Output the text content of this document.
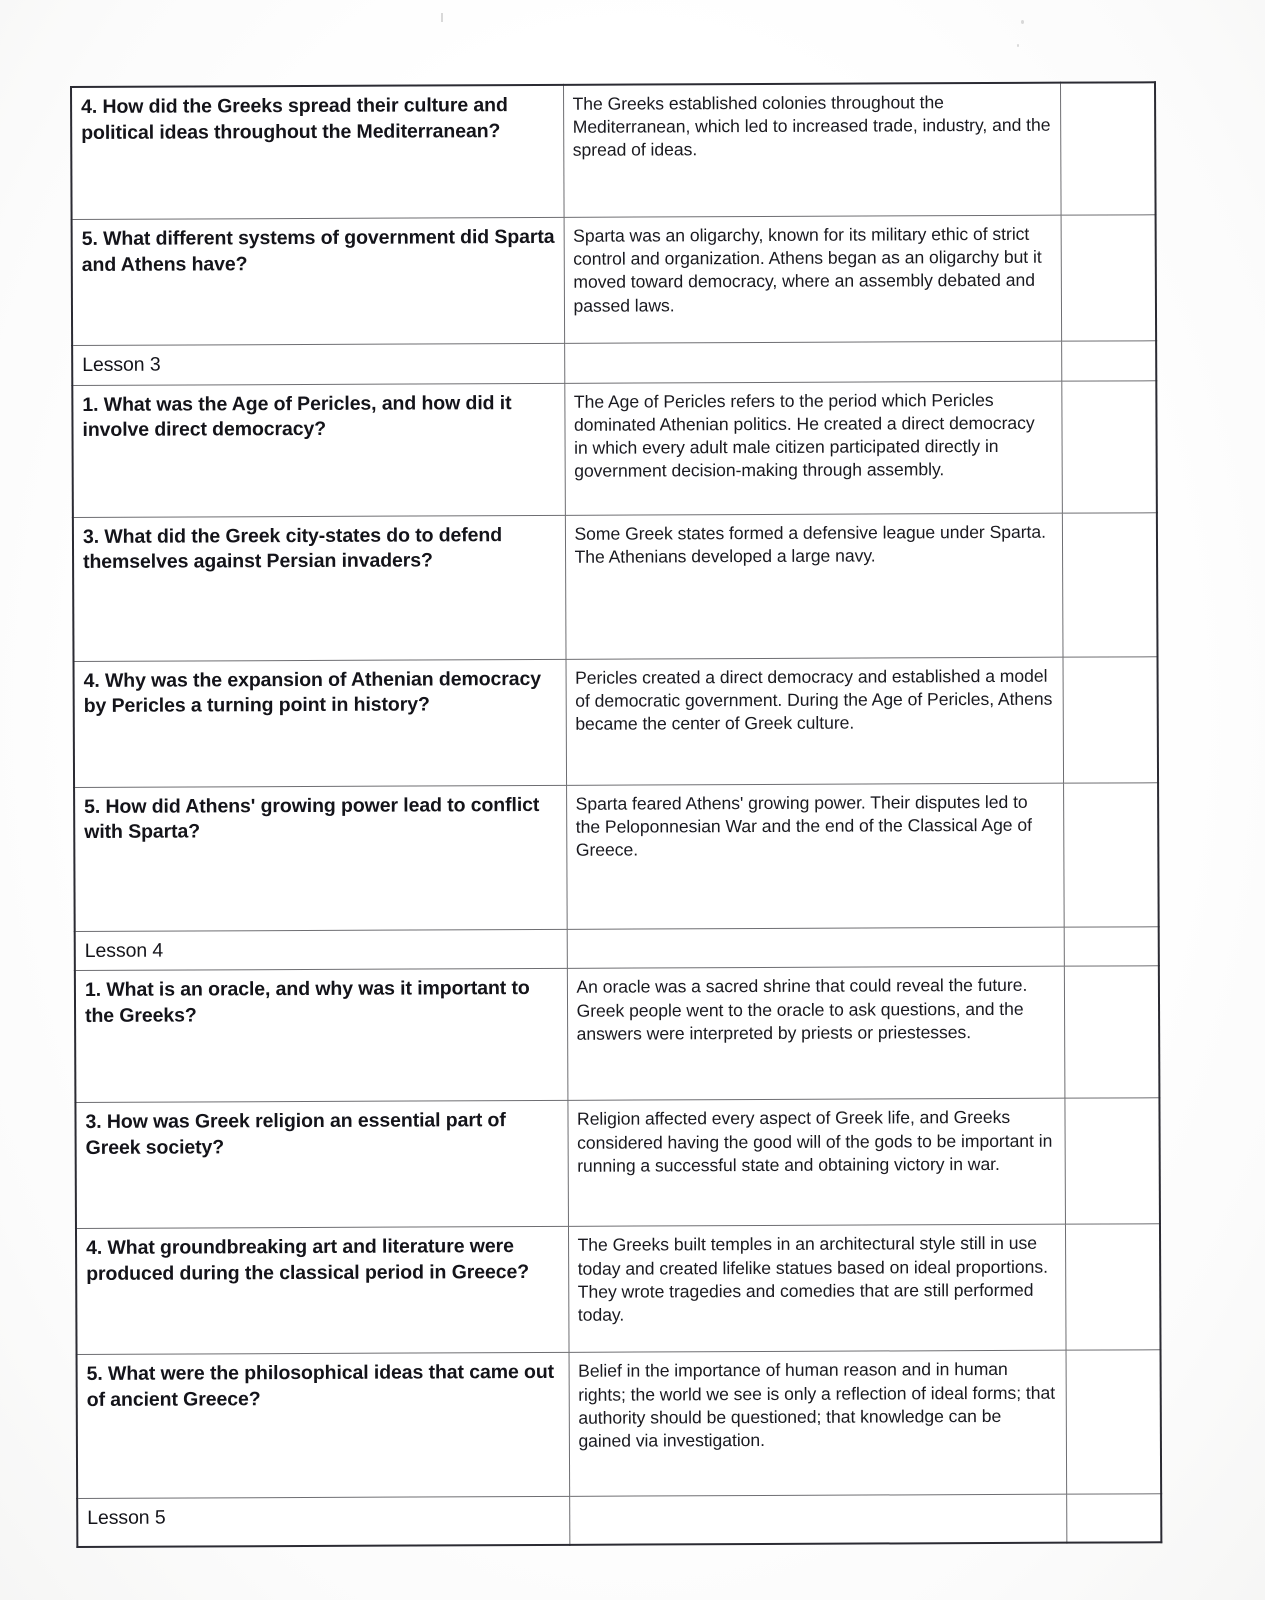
4. How did the Greeks spread their culture and political ideas throughout the Mediterranean?	The Greeks established colonies throughout the Mediterranean, which led to increased trade, industry, and the spread of ideas.	
5. What different systems of government did Sparta and Athens have?	Sparta was an oligarchy, known for its military ethic of strict control and organization. Athens began as an oligarchy but it moved toward democracy, where an assembly debated and passed laws.	
Lesson 3		
1. What was the Age of Pericles, and how did it involve direct democracy?	The Age of Pericles refers to the period which Pericles dominated Athenian politics. He created a direct democracy in which every adult male citizen participated directly in government decision-making through assembly.	
3. What did the Greek city-states do to defend themselves against Persian invaders?	Some Greek states formed a defensive league under Sparta. The Athenians developed a large navy.	
4. Why was the expansion of Athenian democracy by Pericles a turning point in history?	Pericles created a direct democracy and established a model of democratic government. During the Age of Pericles, Athens became the center of Greek culture.	
5. How did Athens' growing power lead to conflict with Sparta?	Sparta feared Athens' growing power. Their disputes led to the Peloponnesian War and the end of the Classical Age of Greece.	
Lesson 4		
1. What is an oracle, and why was it important to the Greeks?	An oracle was a sacred shrine that could reveal the future. Greek people went to the oracle to ask questions, and the answers were interpreted by priests or priestesses.	
3. How was Greek religion an essential part of Greek society?	Religion affected every aspect of Greek life, and Greeks considered having the good will of the gods to be important in running a successful state and obtaining victory in war.	
4. What groundbreaking art and literature were produced during the classical period in Greece?	The Greeks built temples in an architectural style still in use today and created lifelike statues based on ideal proportions. They wrote tragedies and comedies that are still performed today.	
5. What were the philosophical ideas that came out of ancient Greece?	Belief in the importance of human reason and in human rights; the world we see is only a reflection of ideal forms; that authority should be questioned; that knowledge can be gained via investigation.	
Lesson 5		
